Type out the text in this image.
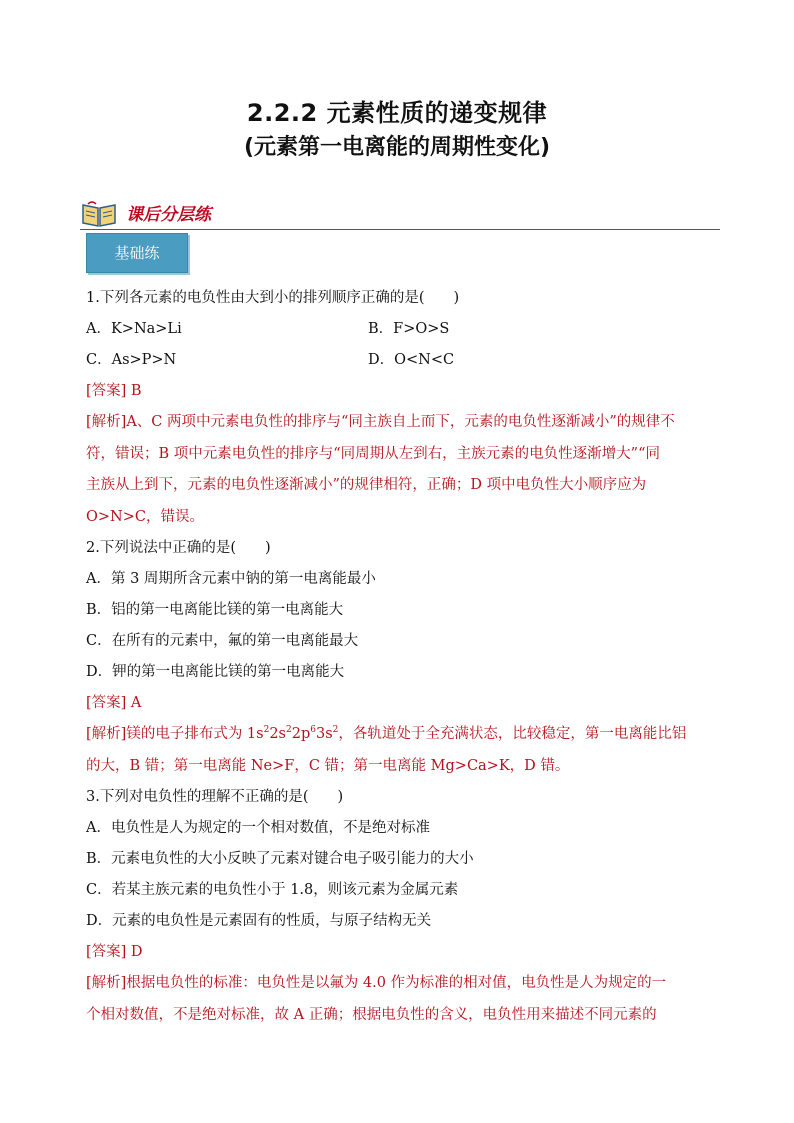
2.2.2 元素性质的递变规律
(元素第一电离能的周期性变化)
课后分层练
基础练
1.下列各元素的电负性由大到小的排列顺序正确的是(　　)
A．K>Na>Li	B．F>O>S
C．As>P>N	D．O<N<C
[答案] B
[解析]A、C 两项中元素电负性的排序与“同主族自上而下，元素的电负性逐渐减小”的规律不
符，错误；B 项中元素电负性的排序与“同周期从左到右，主族元素的电负性逐渐增大”“同
主族从上到下，元素的电负性逐渐减小”的规律相符，正确；D 项中电负性大小顺序应为
O>N>C，错误。
2.下列说法中正确的是(　　)
A．第 3 周期所含元素中钠的第一电离能最小
B．铝的第一电离能比镁的第一电离能大
C．在所有的元素中，氟的第一电离能最大
D．钾的第一电离能比镁的第一电离能大
[答案] A
[解析]镁的电子排布式为 $1s^22s^22p^63s^2$，各轨道处于全充满状态，比较稳定，第一电离能比铝
的大，B 错；第一电离能 Ne>F，C 错；第一电离能 Mg>Ca>K，D 错。
3.下列对电负性的理解不正确的是(　　)
A．电负性是人为规定的一个相对数值，不是绝对标准
B．元素电负性的大小反映了元素对键合电子吸引能力的大小
C．若某主族元素的电负性小于 1.8，则该元素为金属元素
D．元素的电负性是元素固有的性质，与原子结构无关
[答案] D
[解析]根据电负性的标准：电负性是以氟为 4.0 作为标准的相对值，电负性是人为规定的一
个相对数值，不是绝对标准，故 A 正确；根据电负性的含义，电负性用来描述不同元素的
